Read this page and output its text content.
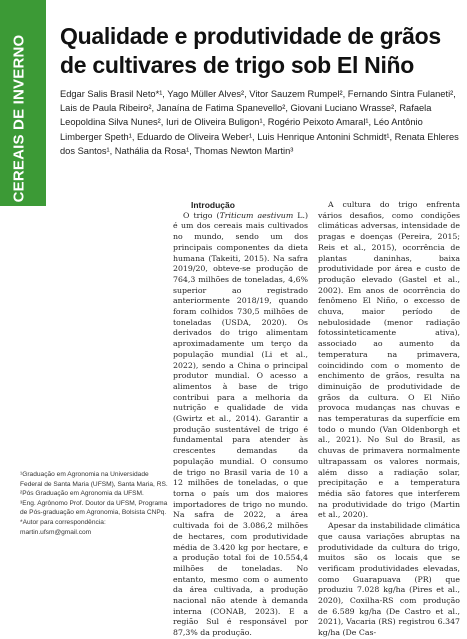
CEREAIS DE INVERNO Qualidade e produtividade de grãos de cultivares de trigo sob El Niño

Edgar Salis Brasil Neto*¹, Yago Müller Alves², Vitor Sauzem Rumpel², Fernando Sintra Fulaneti², Lais de Paula Ribeiro², Janaína de Fatima Spanevello², Giovani Luciano Wrasse², Rafaela Leopoldina Silva Nunes², Iuri de Oliveira Buligon¹, Rogério Peixoto Amaral¹, Léo Antônio Limberger Speth¹, Eduardo de Oliveira Weber¹, Luis Henrique Antonini Schmidt¹, Renata Ehleres dos Santos¹, Nathália da Rosa¹, Thomas Newton Martin³

¹Graduação em Agronomia na Universidade Federal de Santa Maria (UFSM), Santa Maria, RS.
²Pós Graduação em Agronomia da UFSM.
³Eng. Agrônomo Prof. Doutor da UFSM, Programa de Pós-graduação em Agronomia, Bolsista CNPq.
*Autor para correspondência: martin.ufsm@gmail.com

Introdução

O trigo (Triticum aestivum L.) é um dos cereais mais cultivados no mundo, sendo um dos principais componentes da dieta humana (Takeiti, 2015). Na safra 2019/20, obteve-se produção de 764,3 milhões de toneladas, 4,6% superior ao registrado anteriormente 2018/19, quando foram colhidos 730,5 milhões de toneladas (USDA, 2020). Os derivados do trigo alimentam aproximadamente um terço da população mundial (Li et al., 2022), sendo a China o principal produtor mundial. O acesso a alimentos à base de trigo contribui para a melhoria da nutrição e qualidade de vida (Gwirtz et al., 2014). Garantir a produção sustentável de trigo é fundamental para atender às crescentes demandas da população mundial. O consumo de trigo no Brasil varia de 10 a 12 milhões de toneladas, o que torna o país um dos maiores importadores de trigo no mundo. Na safra de 2022, a área cultivada foi de 3.086,2 milhões de hectares, com produtividade média de 3.420 kg por hectare, e a produção total foi de 10.554,4 milhões de toneladas. No entanto, mesmo com o aumento da área cultivada, a produção nacional não atende à demanda interna (CONAB, 2023). E a região Sul é responsável por 87,3% da produção.

A cultura do trigo enfrenta vários desafios, como condições climáticas adversas, intensidade de pragas e doenças (Pereira, 2015; Reis et al., 2015), ocorrência de plantas daninhas, baixa produtividade por área e custo de produção elevado (Gastel et al., 2002). Em anos de ocorrência do fenômeno El Niño, o excesso de chuva, maior período de nebulosidade (menor radiação fotossinteticamente ativa), associado ao aumento da temperatura na primavera, coincidindo com o momento de enchimento de grãos, resulta na diminuição de produtividade de grãos da cultura. O El Niño provoca mudanças nas chuvas e nas temperaturas da superfície em todo o mundo (Van Oldenborgh et al., 2021). No Sul do Brasil, as chuvas de primavera normalmente ultrapassam os valores normais, além disso a radiação solar, precipitação e a temperatura média são fatores que interferem na produtividade do trigo (Martin et al., 2020).

Apesar da instabilidade climática que causa variações abruptas na produtividade da cultura do trigo, muitos são os locais que se verificam produtividades elevadas, como Guarapuava (PR) que produziu 7.028 kg/ha (Pires et al., 2020), Coxilha-RS com produção de 6.589 kg/ha (De Castro et al., 2021), Vacaria (RS) registrou 6.347 kg/ha (De Cas-
